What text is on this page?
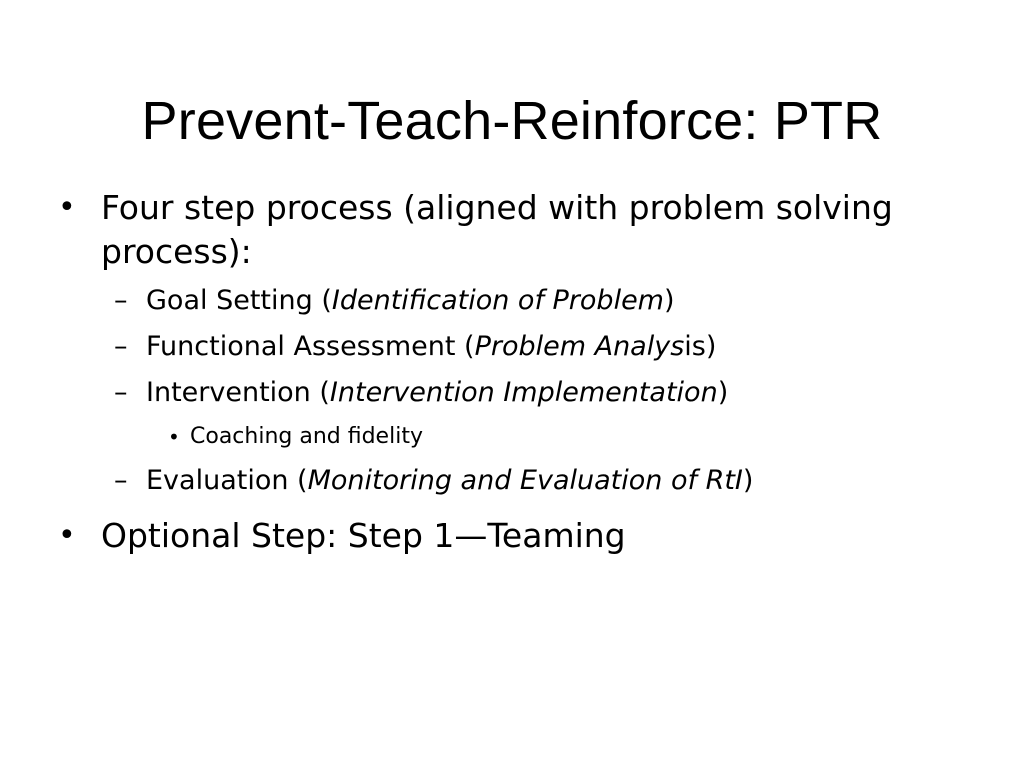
Prevent-Teach-Reinforce: PTR
• Four step process (aligned with problem solving process):
– Goal Setting (Identification of Problem)
– Functional Assessment (Problem Analysis)
– Intervention (Intervention Implementation)
• Coaching and fidelity
– Evaluation (Monitoring and Evaluation of RtI)
• Optional Step: Step 1—Teaming
